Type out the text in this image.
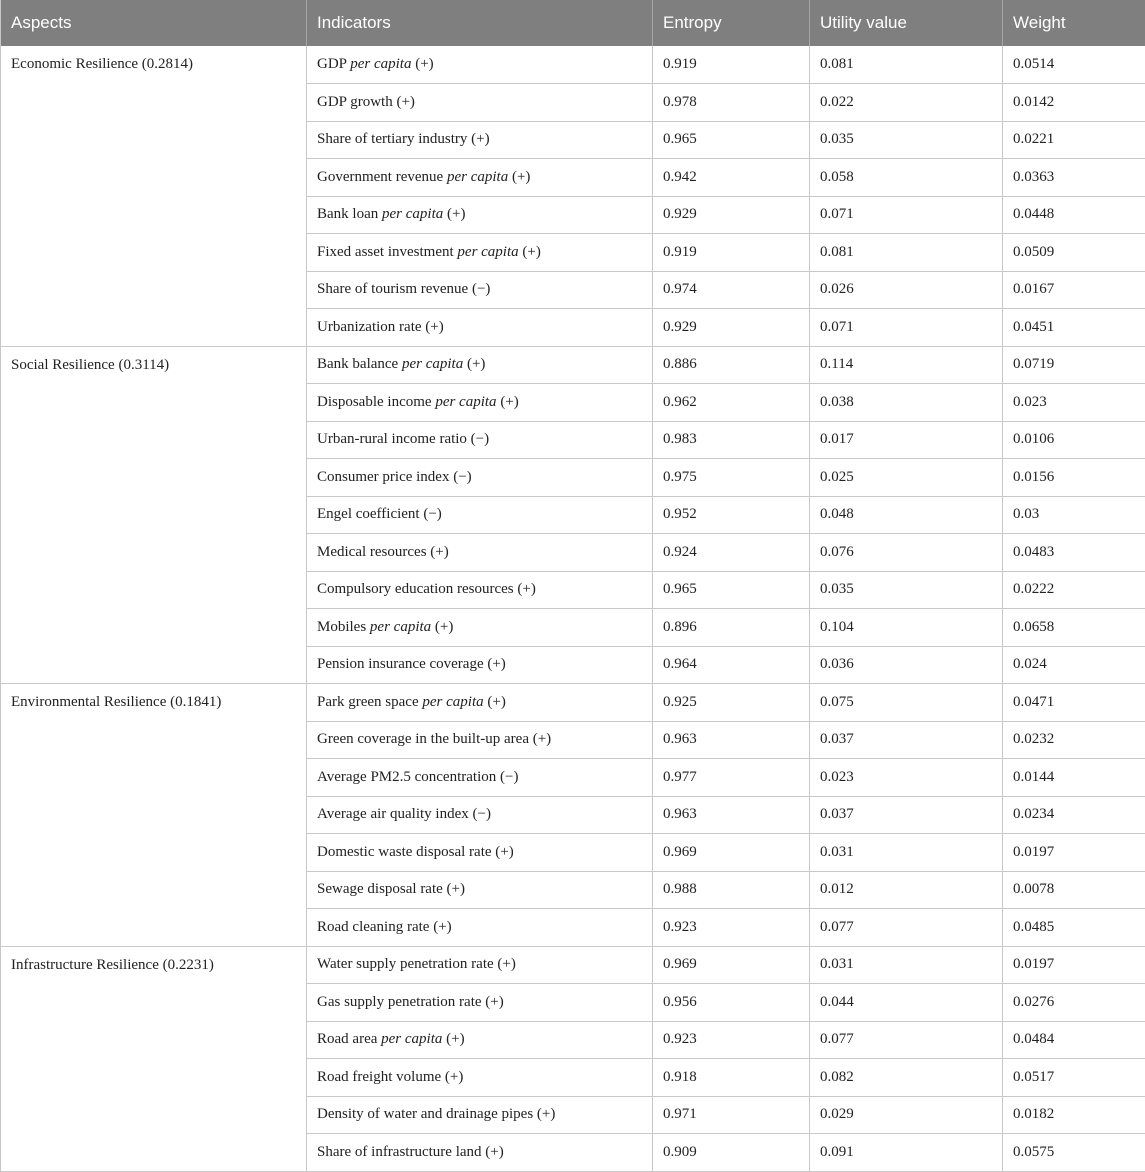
Aspects	Indicators	Entropy	Utility value	Weight
Economic Resilience (0.2814)	GDP per capita (+)	0.919	0.081	0.0514
	GDP growth (+)	0.978	0.022	0.0142
	Share of tertiary industry (+)	0.965	0.035	0.0221
	Government revenue per capita (+)	0.942	0.058	0.0363
	Bank loan per capita (+)	0.929	0.071	0.0448
	Fixed asset investment per capita (+)	0.919	0.081	0.0509
	Share of tourism revenue (−)	0.974	0.026	0.0167
	Urbanization rate (+)	0.929	0.071	0.0451
Social Resilience (0.3114)	Bank balance per capita (+)	0.886	0.114	0.0719
	Disposable income per capita (+)	0.962	0.038	0.023
	Urban-rural income ratio (−)	0.983	0.017	0.0106
	Consumer price index (−)	0.975	0.025	0.0156
	Engel coefficient (−)	0.952	0.048	0.03
	Medical resources (+)	0.924	0.076	0.0483
	Compulsory education resources (+)	0.965	0.035	0.0222
	Mobiles per capita (+)	0.896	0.104	0.0658
	Pension insurance coverage (+)	0.964	0.036	0.024
Environmental Resilience (0.1841)	Park green space per capita (+)	0.925	0.075	0.0471
	Green coverage in the built-up area (+)	0.963	0.037	0.0232
	Average PM2.5 concentration (−)	0.977	0.023	0.0144
	Average air quality index (−)	0.963	0.037	0.0234
	Domestic waste disposal rate (+)	0.969	0.031	0.0197
	Sewage disposal rate (+)	0.988	0.012	0.0078
	Road cleaning rate (+)	0.923	0.077	0.0485
Infrastructure Resilience (0.2231)	Water supply penetration rate (+)	0.969	0.031	0.0197
	Gas supply penetration rate (+)	0.956	0.044	0.0276
	Road area per capita (+)	0.923	0.077	0.0484
	Road freight volume (+)	0.918	0.082	0.0517
	Density of water and drainage pipes (+)	0.971	0.029	0.0182
	Share of infrastructure land (+)	0.909	0.091	0.0575
